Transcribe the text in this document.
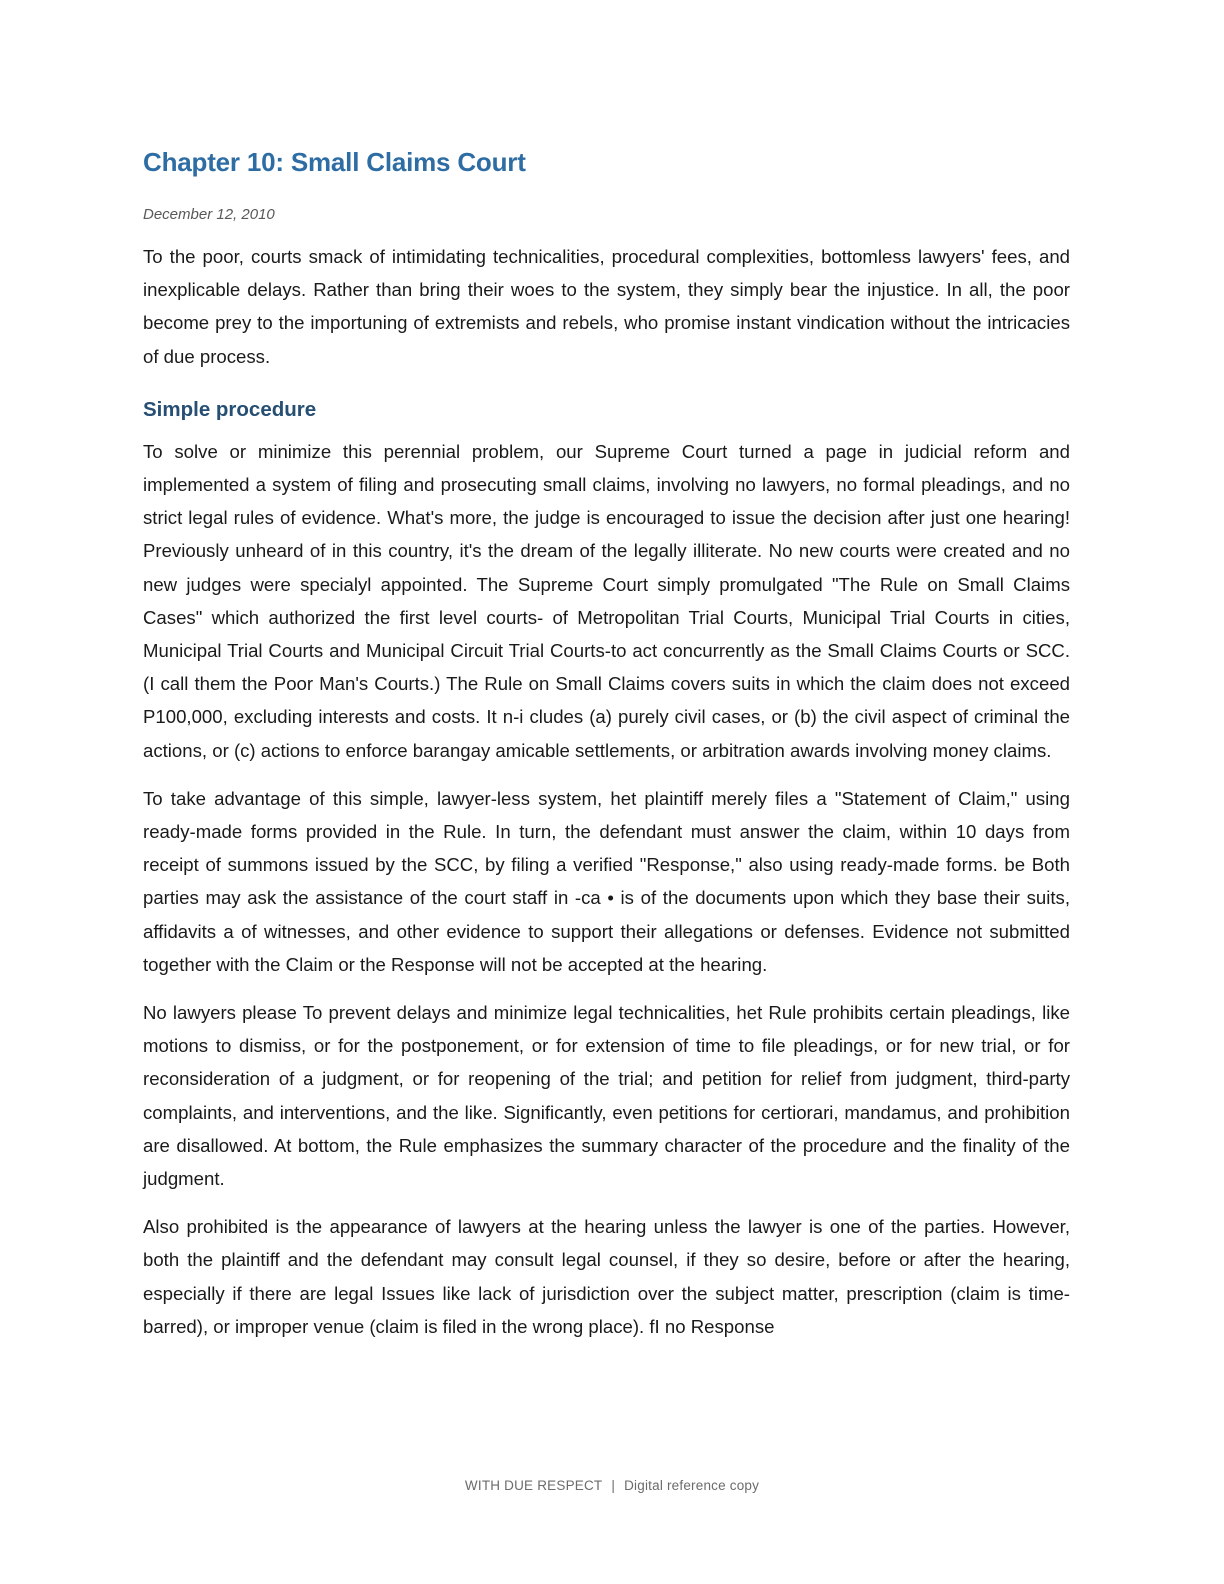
Chapter 10: Small Claims Court

December 12, 2010

To the poor, courts smack of intimidating technicalities, procedural complexities, bottomless lawyers' fees, and inexplicable delays. Rather than bring their woes to the system, they simply bear the injustice. In all, the poor become prey to the importuning of extremists and rebels, who promise instant vindication without the intricacies of due process.

Simple procedure

To solve or minimize this perennial problem, our Supreme Court turned a page in judicial reform and implemented a system of filing and prosecuting small claims, involving no lawyers, no formal pleadings, and no strict legal rules of evidence. What's more, the judge is encouraged to issue the decision after just one hearing! Previously unheard of in this country, it's the dream of the legally illiterate. No new courts were created and no new judges were specialyl appointed. The Supreme Court simply promulgated "The Rule on Small Claims Cases" which authorized the first level courts- of Metropolitan Trial Courts, Municipal Trial Courts in cities, Municipal Trial Courts and Municipal Circuit Trial Courts-to act concurrently as the Small Claims Courts or SCC. (I call them the Poor Man's Courts.) The Rule on Small Claims covers suits in which the claim does not exceed P100,000, excluding interests and costs. It n-i cludes (a) purely civil cases, or (b) the civil aspect of criminal the actions, or (c) actions to enforce barangay amicable settlements, or arbitration awards involving money claims.

To take advantage of this simple, lawyer-less system, het plaintiff merely files a "Statement of Claim," using ready-made forms provided in the Rule. In turn, the defendant must answer the claim, within 10 days from receipt of summons issued by the SCC, by filing a verified "Response," also using ready-made forms. be Both parties may ask the assistance of the court staff in -ca • is of the documents upon which they base their suits, affidavits a of witnesses, and other evidence to support their allegations or defenses. Evidence not submitted together with the Claim or the Response will not be accepted at the hearing.

No lawyers please To prevent delays and minimize legal technicalities, het Rule prohibits certain pleadings, like motions to dismiss, or for the postponement, or for extension of time to file pleadings, or for new trial, or for reconsideration of a judgment, or for reopening of the trial; and petition for relief from judgment, third-party complaints, and interventions, and the like. Significantly, even petitions for certiorari, mandamus, and prohibition are disallowed. At bottom, the Rule emphasizes the summary character of the procedure and the finality of the judgment.

Also prohibited is the appearance of lawyers at the hearing unless the lawyer is one of the parties. However, both the plaintiff and the defendant may consult legal counsel, if they so desire, before or after the hearing, especially if there are legal Issues like lack of jurisdiction over the subject matter, prescription (claim is time-barred), or improper venue (claim is filed in the wrong place). fI no Response

WITH DUE RESPECT | Digital reference copy
